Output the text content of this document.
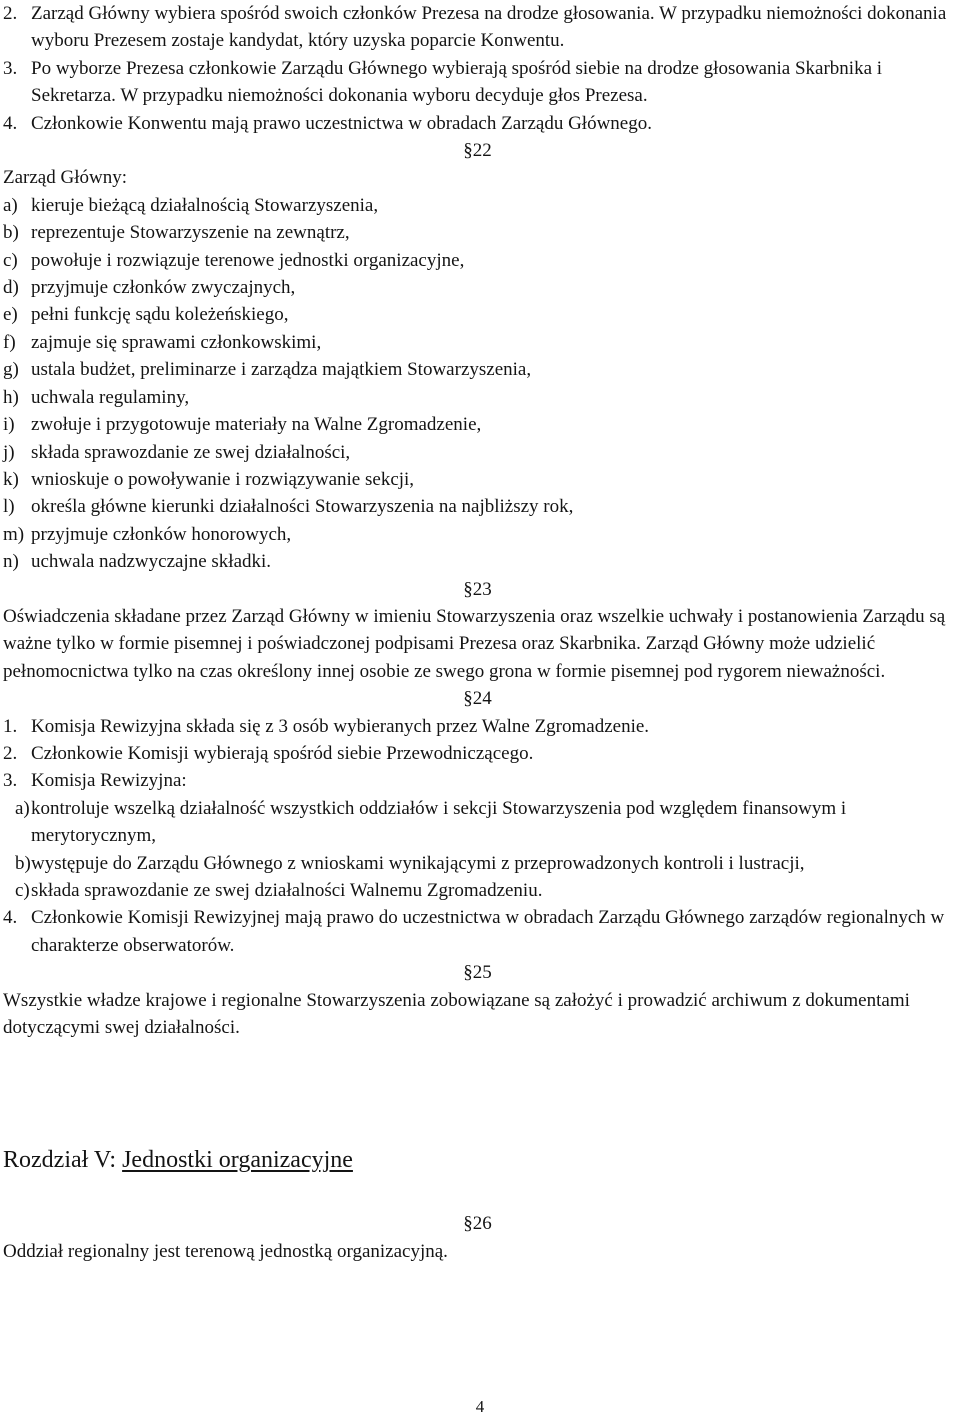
2. Zarząd Główny wybiera spośród swoich członków Prezesa na drodze głosowania. W przypadku niemożności dokonania wyboru Prezesem zostaje kandydat, który uzyska poparcie Konwentu.
3. Po wyborze Prezesa członkowie Zarządu Głównego wybierają spośród siebie na drodze głosowania Skarbnika i Sekretarza. W przypadku niemożności dokonania wyboru decyduje głos Prezesa.
4. Członkowie Konwentu mają prawo uczestnictwa w obradach Zarządu Głównego.

§22

Zarząd Główny:

a) kieruje bieżącą działalnością Stowarzyszenia,
b) reprezentuje Stowarzyszenie na zewnątrz,
c) powołuje i rozwiązuje terenowe jednostki organizacyjne,
d) przyjmuje członków zwyczajnych,
e) pełni funkcję sądu koleżeńskiego,
f) zajmuje się sprawami członkowskimi,
g) ustala budżet, preliminarze i zarządza majątkiem Stowarzyszenia,
h) uchwala regulaminy,
i) zwołuje i przygotowuje materiały na Walne Zgromadzenie,
j) składa sprawozdanie ze swej działalności,
k) wnioskuje o powoływanie i rozwiązywanie sekcji,
l) określa główne kierunki działalności Stowarzyszenia na najbliższy rok,
m) przyjmuje członków honorowych,
n) uchwala nadzwyczajne składki.

§23

Oświadczenia składane przez Zarząd Główny w imieniu Stowarzyszenia oraz wszelkie uchwały i postanowienia Zarządu są ważne tylko w formie pisemnej i poświadczonej podpisami Prezesa oraz Skarbnika. Zarząd Główny może udzielić pełnomocnictwa tylko na czas określony innej osobie ze swego grona w formie pisemnej pod rygorem nieważności.

§24

1. Komisja Rewizyjna składa się z 3 osób wybieranych przez Walne Zgromadzenie.
2. Członkowie Komisji wybierają spośród siebie Przewodniczącego.
3. Komisja Rewizyjna:
a) kontroluje wszelką działalność wszystkich oddziałów i sekcji Stowarzyszenia pod względem finansowym i merytorycznym,
b) występuje do Zarządu Głównego z wnioskami wynikającymi z przeprowadzonych kontroli i lustracji,
c) składa sprawozdanie ze swej działalności Walnemu Zgromadzeniu.
4. Członkowie Komisji Rewizyjnej mają prawo do uczestnictwa w obradach Zarządu Głównego zarządów regionalnych w charakterze obserwatorów.

§25

Wszystkie władze krajowe i regionalne Stowarzyszenia zobowiązane są założyć i prowadzić archiwum z dokumentami dotyczącymi swej działalności.

Rozdział V: Jednostki organizacyjne

§26

Oddział regionalny jest terenową jednostką organizacyjną.

4
